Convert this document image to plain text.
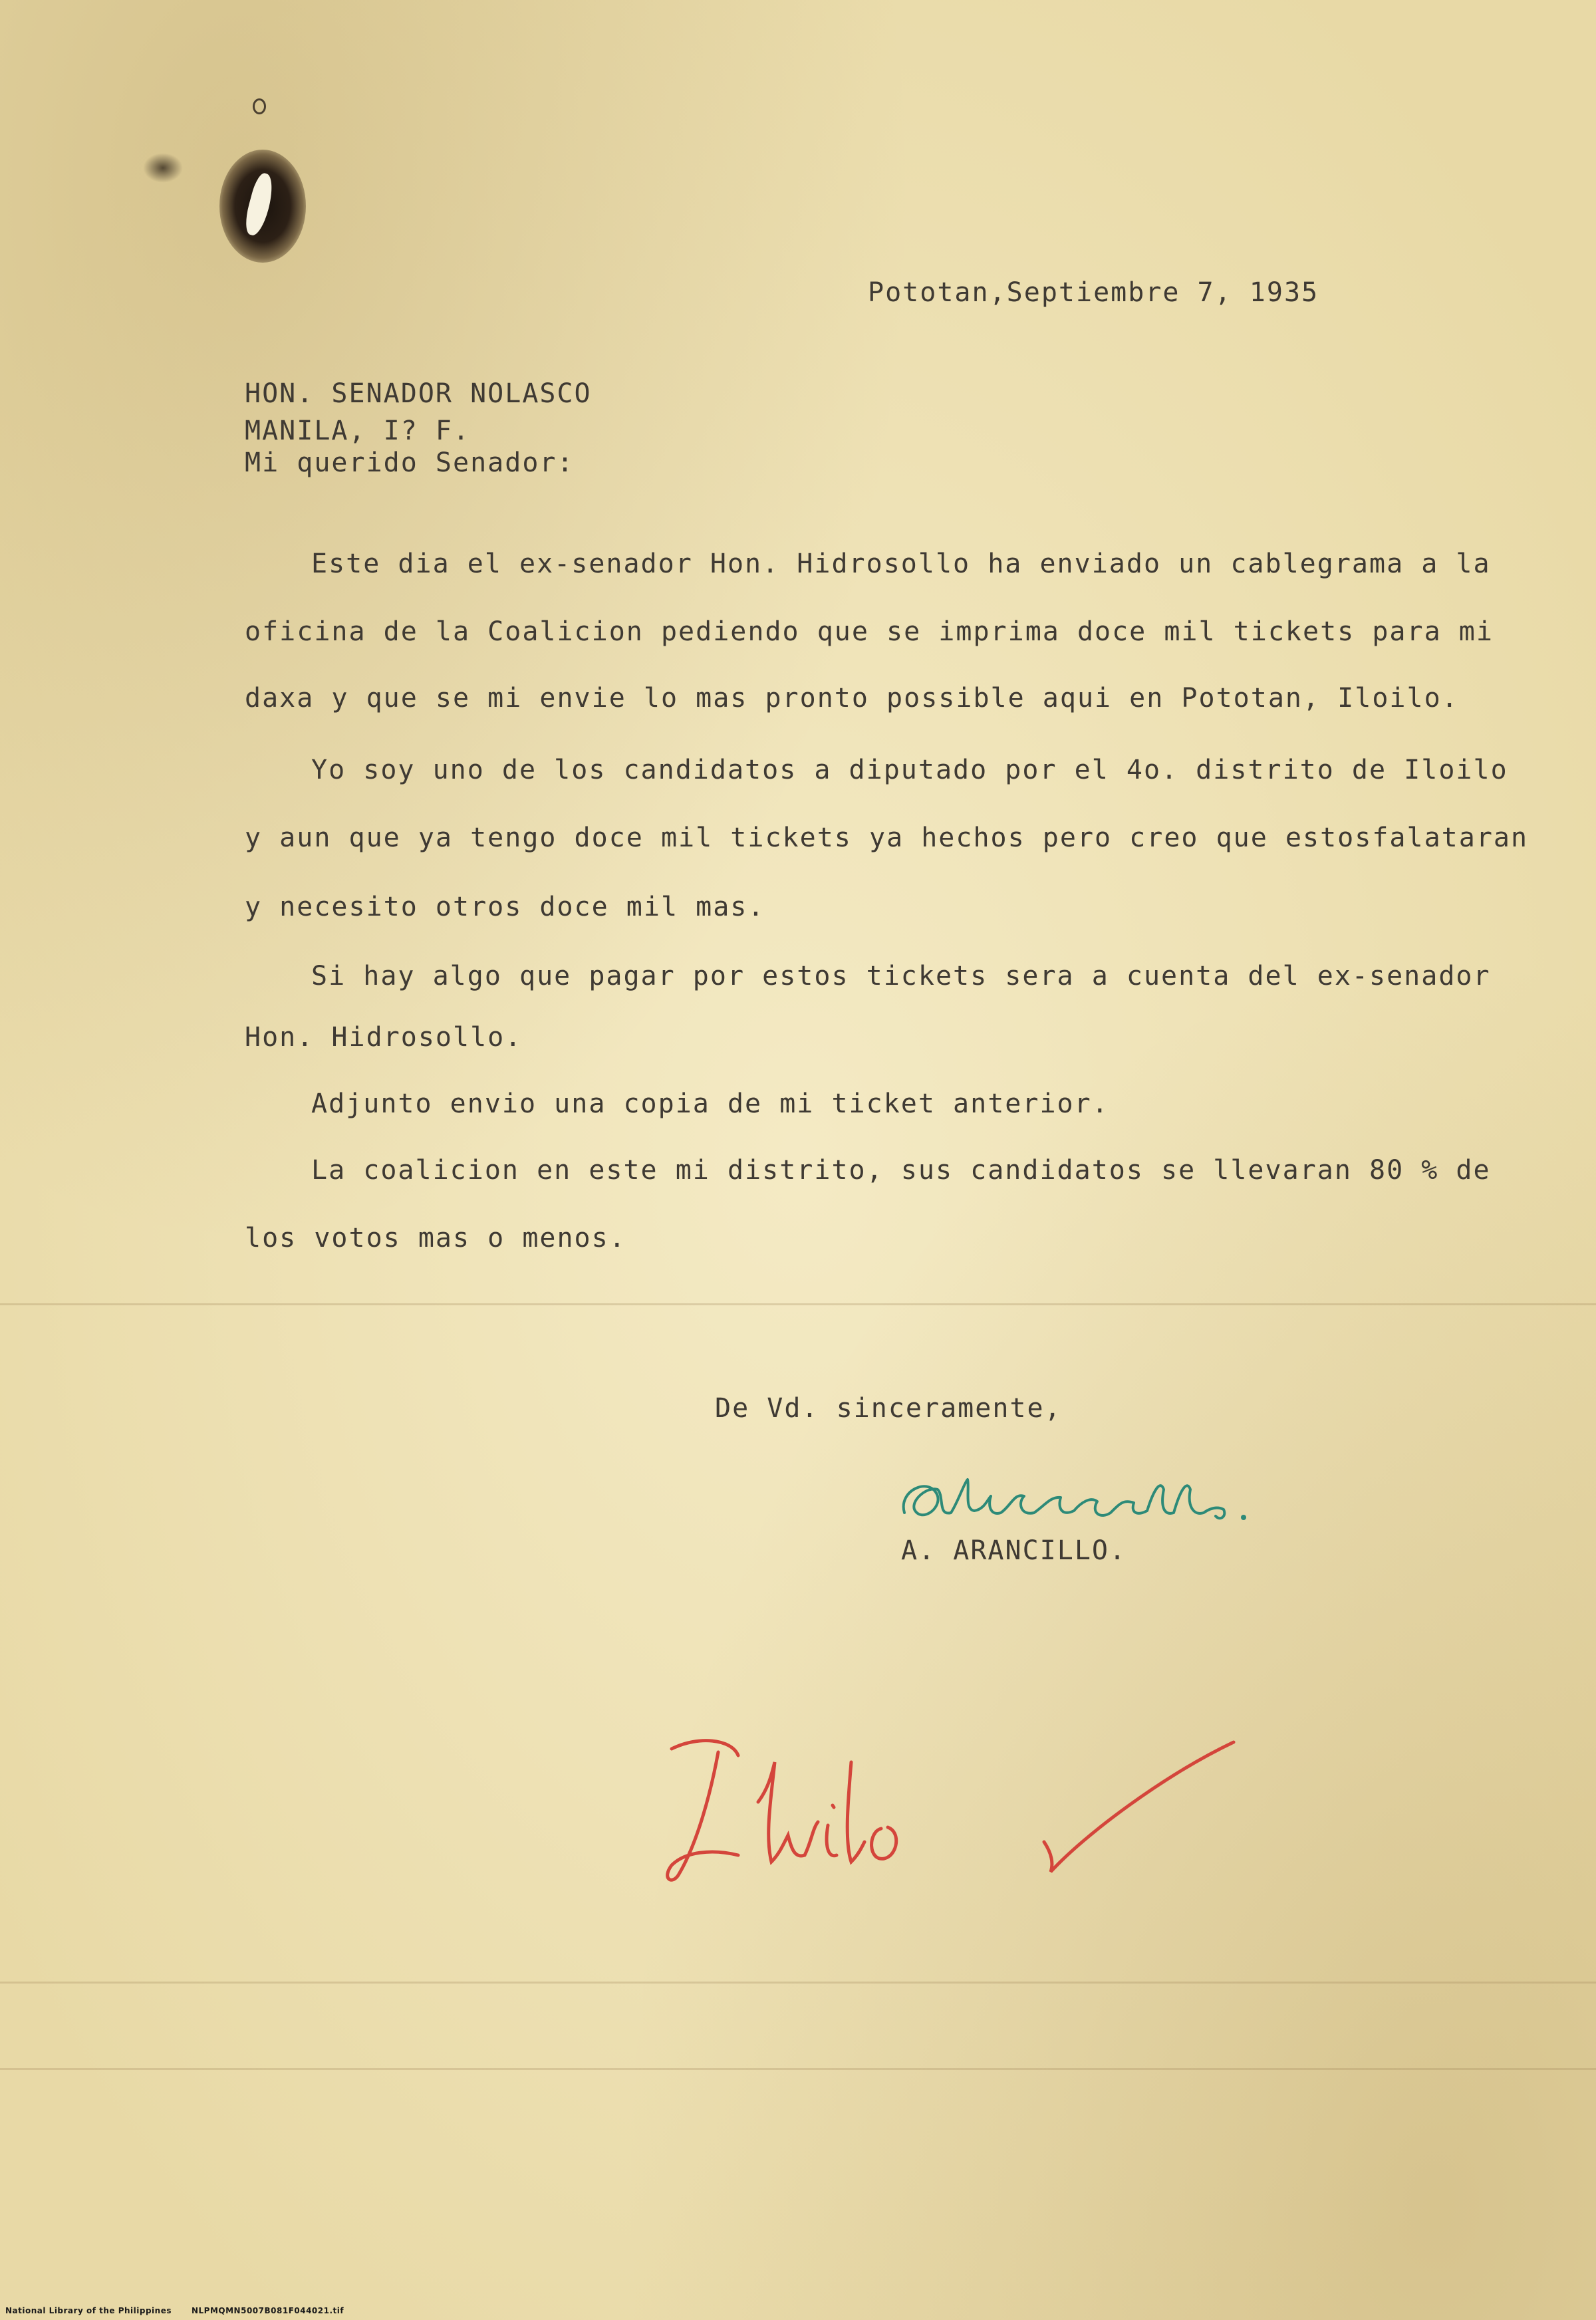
Pototan,Septiembre 7, 1935
HON. SENADOR NOLASCO
MANILA, I? F.
Mi querido Senador:
Este dia el ex-senador Hon. Hidrosollo ha enviado un cablegrama a la
oficina de la Coalicion pediendo que se imprima doce mil tickets para mi
daxa y que se mi envie lo mas pronto possible aqui en Pototan, Iloilo.
Yo soy uno de los candidatos a diputado por el 4o. distrito de Iloilo
y aun que ya tengo doce mil tickets ya hechos pero creo que estosfalataran
y necesito otros doce mil mas.
Si hay algo que pagar por estos tickets sera a cuenta del ex-senador
Hon. Hidrosollo.
Adjunto envio una copia de mi ticket anterior.
La coalicion en este mi distrito, sus candidatos se llevaran 80 % de
los votos mas o menos.
De Vd. sinceramente,
A. ARANCILLO.
National Library of the Philippines	NLPMQMN5007B081F044021.tif
